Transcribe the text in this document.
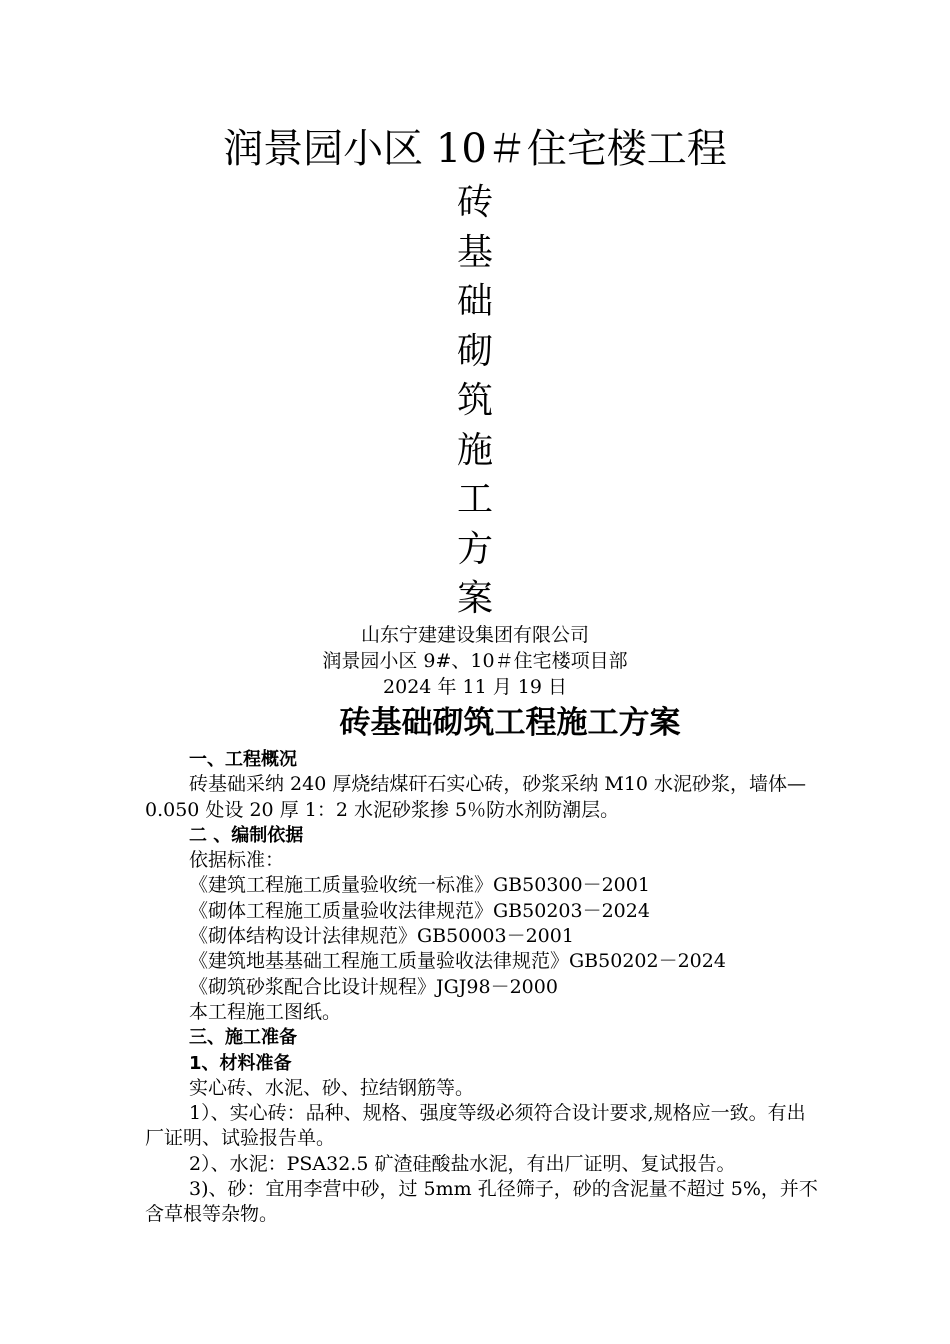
润景园小区 10＃住宅楼工程
砖
基
础
砌
筑
施
工
方
案
山东宁建建设集团有限公司
润景园小区 9#、10＃住宅楼项目部
2024 年 11 月 19 日
砖基础砌筑工程施工方案

一、工程概况

砖基础采纳 240 厚烧结煤矸石实心砖，砂浆采纳 M10 水泥砂浆，墙体—0.050 处设 20 厚 1：2 水泥砂浆掺 5％防水剂防潮层。

二 、编制依据

依据标准：

《建筑工程施工质量验收统一标准》GB50300－2001

《砌体工程施工质量验收法律规范》GB50203－2024

《砌体结构设计法律规范》GB50003－2001

《建筑地基基础工程施工质量验收法律规范》GB50202－2024

《砌筑砂浆配合比设计规程》JGJ98－2000

本工程施工图纸。

三、施工准备

1、材料准备

实心砖、水泥、砂、拉结钢筋等。

1）、实心砖：品种、规格、强度等级必须符合设计要求,规格应一致。有出厂证明、试验报告单。

2）、水泥：PSA32.5 矿渣硅酸盐水泥，有出厂证明、复试报告。

3)、砂：宜用李营中砂，过 5mm 孔径筛子，砂的含泥量不超过 5%，并不含草根等杂物。
